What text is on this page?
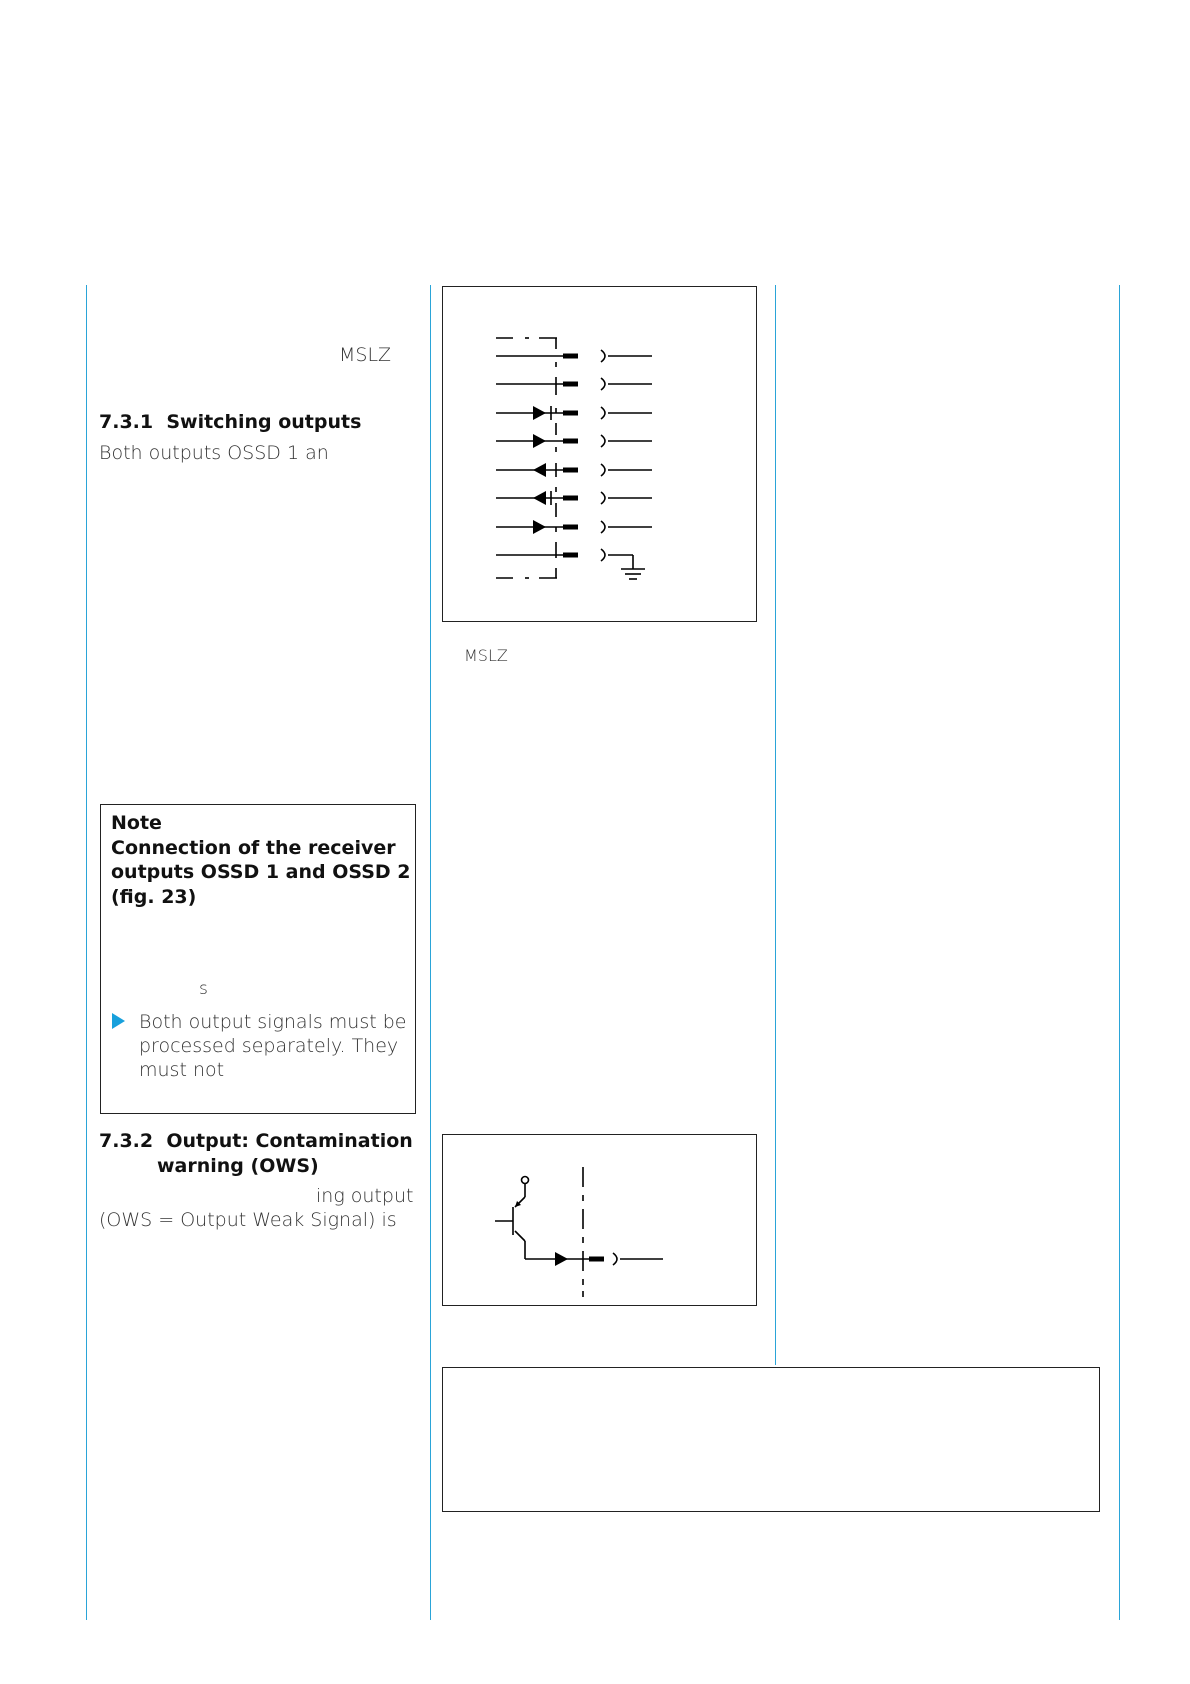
MSLZ
7.3.1 Switching outputs
Both outputs OSSD 1 an
Note
Connection of the receiver
outputs OSSD 1 and OSSD 2
(fig. 23)
s
Both output signals must be
processed separately. They
must not
7.3.2 Output: Contamination
warning (OWS)
ing output
(OWS = Output Weak Signal) is
MSLZ
